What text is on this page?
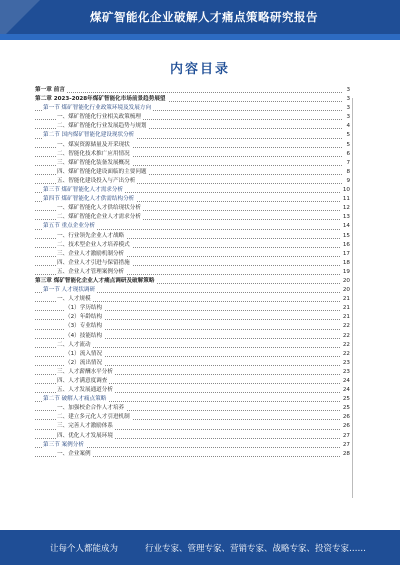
煤矿智能化企业破解人才痛点策略研究报告
内容目录
第一章 前言	3
第二章 2023-2028年煤矿智能化市场前景趋势展望	3
第一节 煤矿智能化行业政策环境及发展方向	3
一、煤矿智能化行业相关政策梳理	3
二、煤矿智能化行业发展趋势与规划	4
第二节 国内煤矿智能化建设现状分析	5
一、煤炭资源储量及开采现状	5
二、智能化技术推广应用情况	6
三、煤矿智能化装备发展概况	7
四、煤矿智能化建设面临的主要问题	8
五、智能化建设投入与产出分析	9
第三节 煤矿智能化人才需求分析	10
第四节 煤矿智能化人才供需结构分析	11
一、煤矿智能化人才供给现状分析	12
二、煤矿智能化企业人才需求分析	13
第五节 重点企业分析	14
一、行业领先企业人才战略	15
二、技术型企业人才培养模式	16
三、企业人才激励机制分析	17
四、企业人才引进与保留措施	18
五、企业人才管理案例分析	19
第三章 煤矿智能化企业人才痛点调研及破解策略	20
第一节 人才现状调研	20
一、人才规模	21
（1）学历结构	21
（2）年龄结构	21
（3）专业结构	22
（4）技能结构	22
二、人才流动	22
（1）流入情况	22
（2）流出情况	23
三、人才薪酬水平分析	23
四、人才满意度调查	24
五、人才发展通道分析	24
第二节 破解人才痛点策略	25
一、加强校企合作人才培养	25
二、建立多元化人才引进机制	26
三、完善人才激励体系	26
四、优化人才发展环境	27
第三节 案例分析	27
一、企业案例	28
让每个人都能成为	行业专家、管理专家、营销专家、战略专家、投资专家……
